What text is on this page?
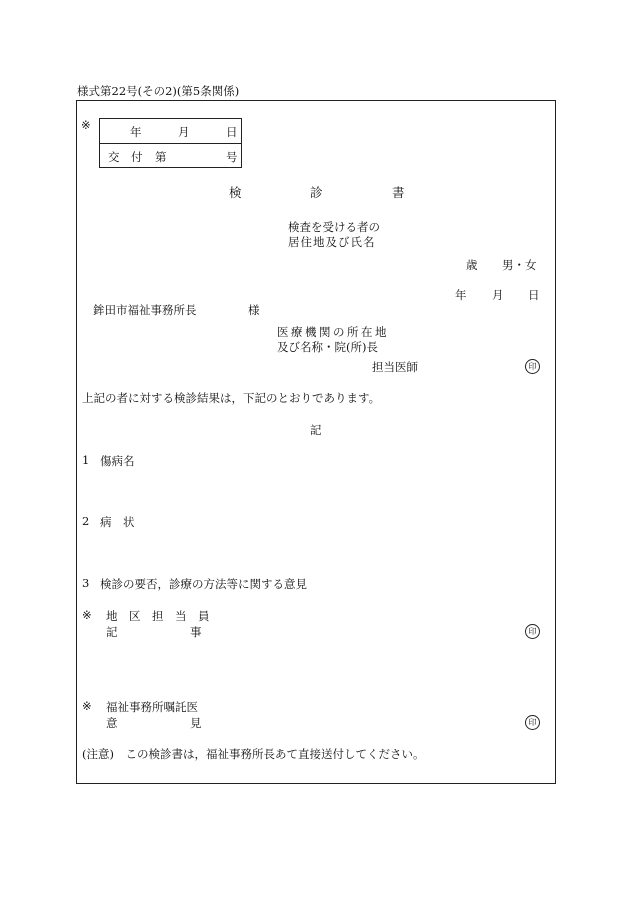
様式第22号(その2)(第5条関係)
※	年	月	日
交 付 第	号
検	診	書
検査を受ける者の
居住地及び氏名
歳 男・女
年 月 日
鉾田市福祉事務所長	様
医療機関の所在地
及び名称・院(所)長
担当医師	印
上記の者に対する検診結果は，下記のとおりであります。
記
1 傷病名
2 病　状
3 検診の要否，診療の方法等に関する意見
※ 地　区　担　当　員
記	事	印
※ 福祉事務所嘱託医
意	見	印
(注意)　この検診書は，福祉事務所長あて直接送付してください。
